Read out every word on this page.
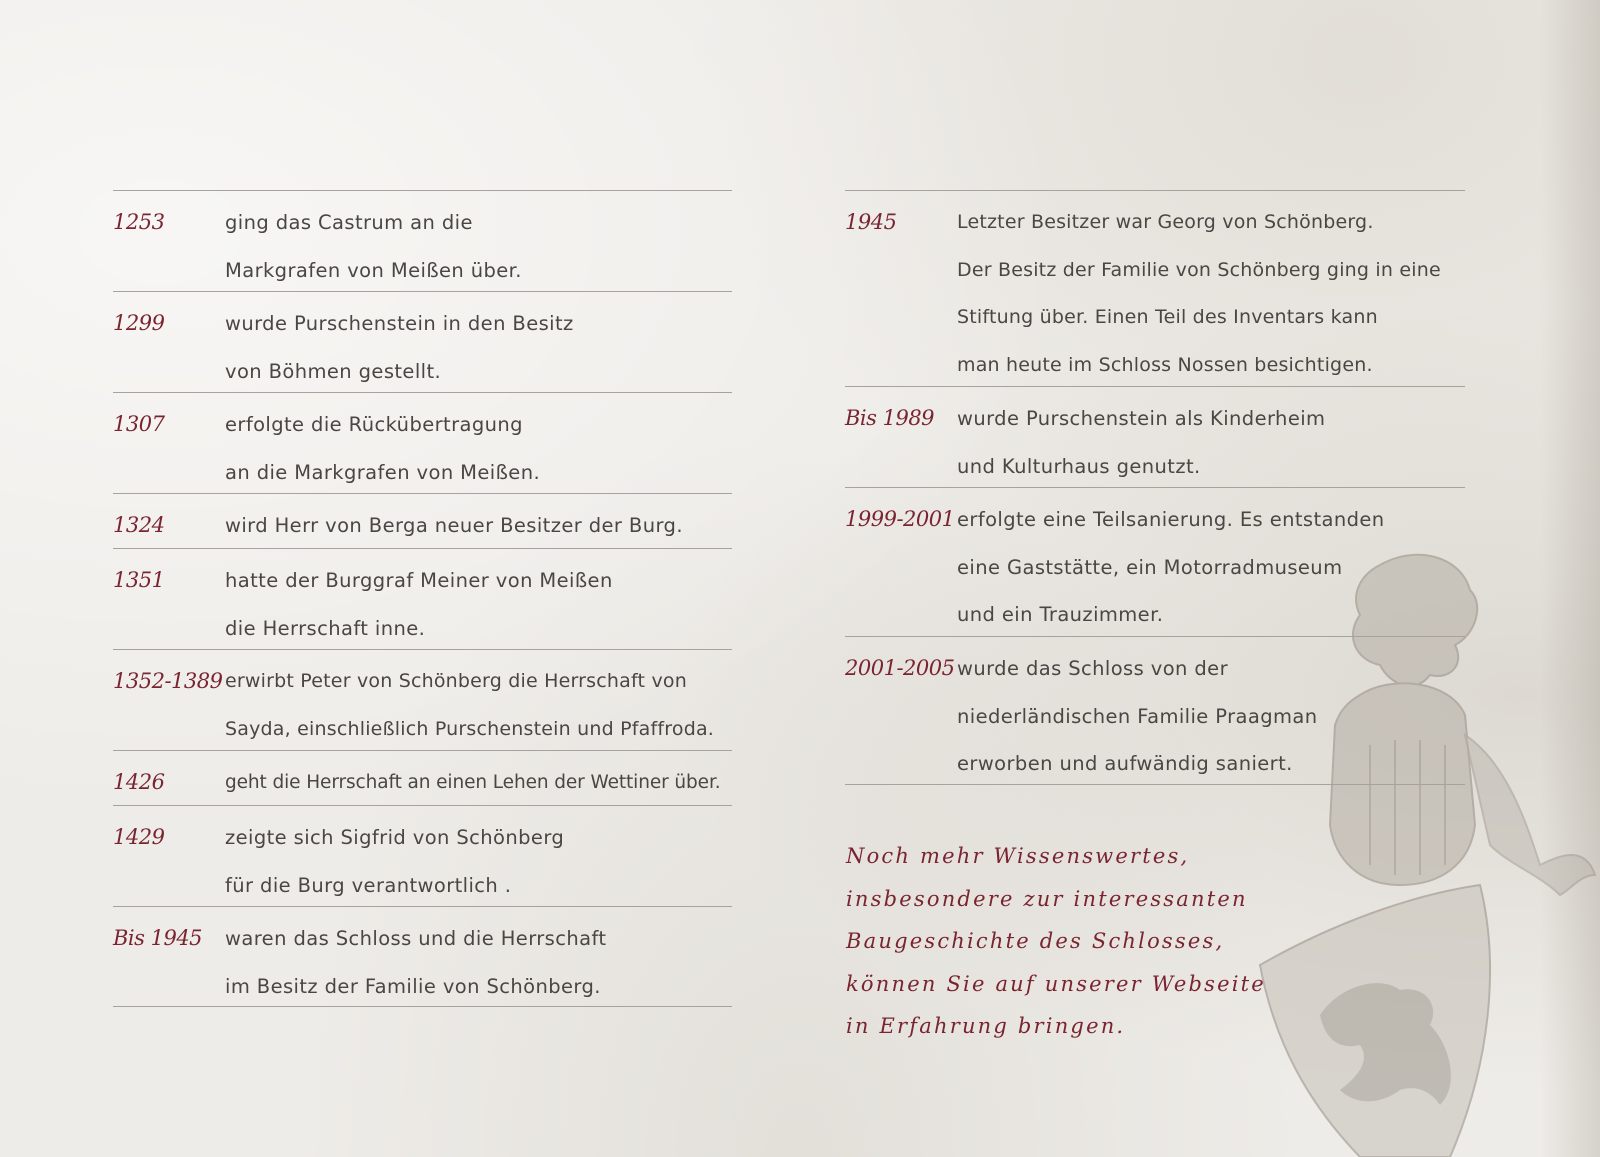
1253	ging das Castrum an die
Markgrafen von Meißen über.
1299	wurde Purschenstein in den Besitz
von Böhmen gestellt.
1307	erfolgte die Rückübertragung
an die Markgrafen von Meißen.
1324	wird Herr von Berga neuer Besitzer der Burg.
1351	hatte der Burggraf Meiner von Meißen
die Herrschaft inne.
1352-1389 erwirbt Peter von Schönberg die Herrschaft von
Sayda, einschließlich Purschenstein und Pfaffroda.
1426	geht die Herrschaft an einen Lehen der Wettiner über.
1429	zeigte sich Sigfrid von Schönberg
für die Burg verantwortlich .
Bis 1945	waren das Schloss und die Herrschaft
im Besitz der Familie von Schönberg.
1945	Letzter Besitzer war Georg von Schönberg.
Der Besitz der Familie von Schönberg ging in eine
Stiftung über. Einen Teil des Inventars kann
man heute im Schloss Nossen besichtigen.
Bis 1989	wurde Purschenstein als Kinderheim
und Kulturhaus genutzt.
1999-2001 erfolgte eine Teilsanierung. Es entstanden
eine Gaststätte, ein Motorradmuseum
und ein Trauzimmer.
2001-2005 wurde das Schloss von der
niederländischen Familie Praagman
erworben und aufwändig saniert.
Noch mehr Wissenswertes,
insbesondere zur interessanten
Baugeschichte des Schlosses,
können Sie auf unserer Webseite
in Erfahrung bringen.
